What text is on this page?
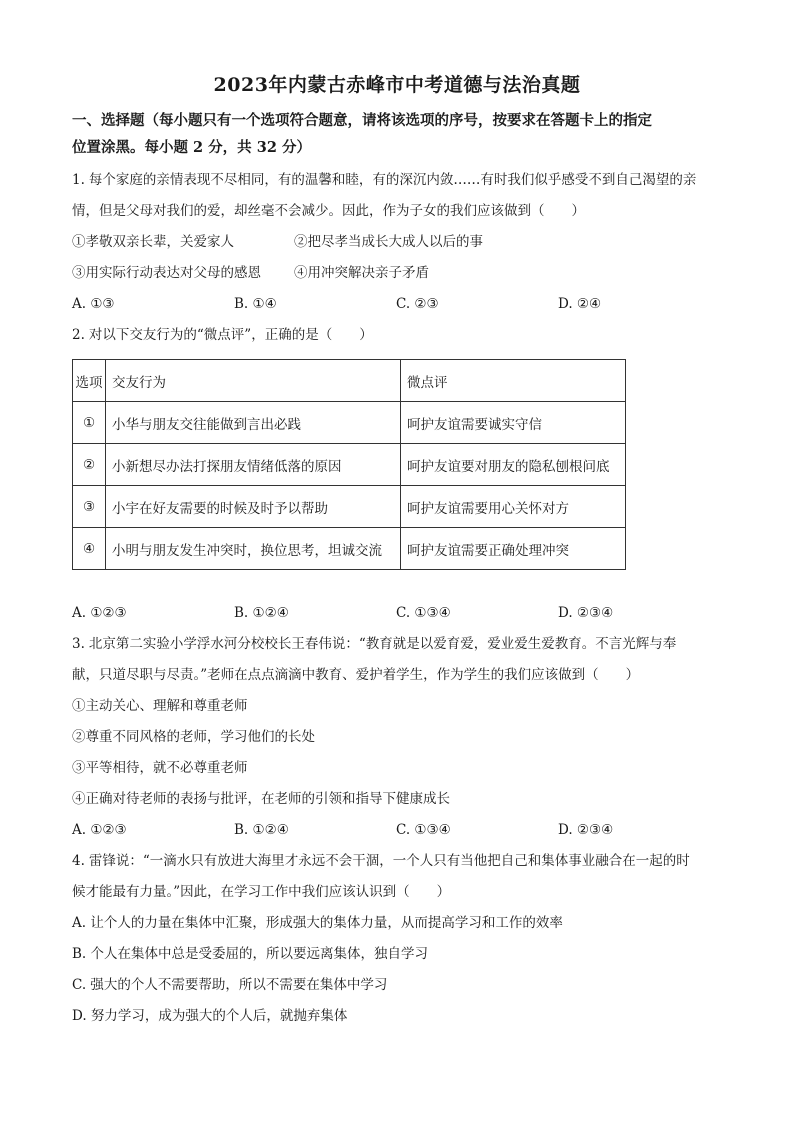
2023年内蒙古赤峰市中考道德与法治真题
一、选择题（每小题只有一个选项符合题意，请将该选项的序号，按要求在答题卡上的指定
位置涂黑。每小题 2 分，共 32 分）
1. 每个家庭的亲情表现不尽相同，有的温馨和睦，有的深沉内敛……有时我们似乎感受不到自己渴望的亲
情，但是父母对我们的爱，却丝毫不会减少。因此，作为子女的我们应该做到（　　）
①孝敬双亲长辈，关爱家人	②把尽孝当成长大成人以后的事
③用实际行动表达对父母的感恩	④用冲突解决亲子矛盾
A. ①③	B. ①④	C. ②③	D. ②④
2. 对以下交友行为的“微点评”，正确的是（　　）
选项	交友行为	微点评
①	小华与朋友交往能做到言出必践	呵护友谊需要诚实守信
②	小新想尽办法打探朋友情绪低落的原因	呵护友谊要对朋友的隐私刨根问底
③	小宇在好友需要的时候及时予以帮助	呵护友谊需要用心关怀对方
④	小明与朋友发生冲突时，换位思考，坦诚交流	呵护友谊需要正确处理冲突
A. ①②③	B. ①②④	C. ①③④	D. ②③④
3. 北京第二实验小学浮水河分校校长王春伟说：“教育就是以爱育爱，爱业爱生爱教育。不言光辉与奉
献，只道尽职与尽责。”老师在点点滴滴中教育、爱护着学生，作为学生的我们应该做到（　　）
①主动关心、理解和尊重老师
②尊重不同风格的老师，学习他们的长处
③平等相待，就不必尊重老师
④正确对待老师的表扬与批评，在老师的引领和指导下健康成长
A. ①②③	B. ①②④	C. ①③④	D. ②③④
4. 雷锋说：“一滴水只有放进大海里才永远不会干涸，一个人只有当他把自己和集体事业融合在一起的时
候才能最有力量。”因此，在学习工作中我们应该认识到（　　）
A. 让个人的力量在集体中汇聚，形成强大的集体力量，从而提高学习和工作的效率
B. 个人在集体中总是受委屈的，所以要远离集体，独自学习
C. 强大的个人不需要帮助，所以不需要在集体中学习
D. 努力学习，成为强大的个人后，就抛弃集体
